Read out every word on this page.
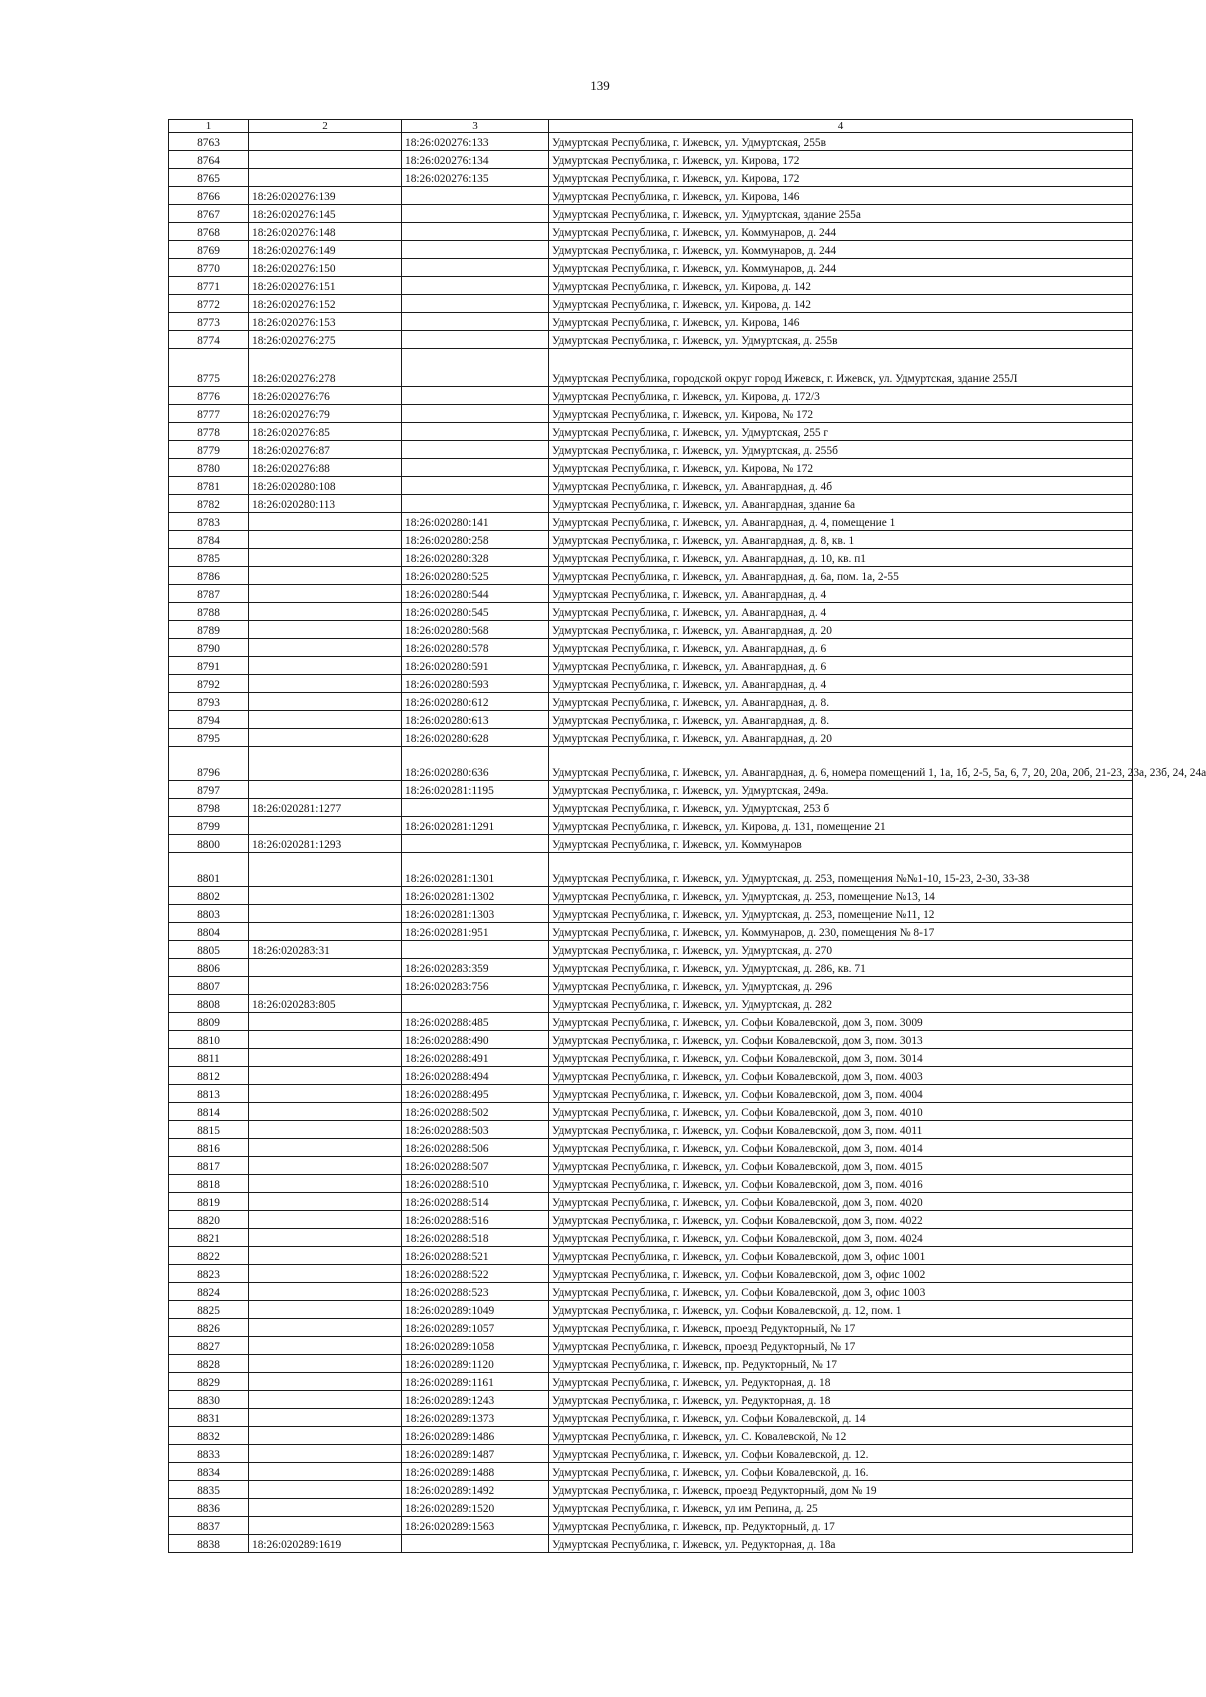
139
1	2	3	4
8763		18:26:020276:133	Удмуртская Республика, г. Ижевск, ул. Удмуртская, 255в
8764		18:26:020276:134	Удмуртская Республика, г. Ижевск, ул. Кирова, 172
8765		18:26:020276:135	Удмуртская Республика, г. Ижевск, ул. Кирова, 172
8766	18:26:020276:139		Удмуртская Республика, г. Ижевск, ул. Кирова, 146
8767	18:26:020276:145		Удмуртская Республика, г. Ижевск, ул. Удмуртская, здание 255а
8768	18:26:020276:148		Удмуртская Республика, г. Ижевск, ул. Коммунаров, д. 244
8769	18:26:020276:149		Удмуртская Республика, г. Ижевск, ул. Коммунаров, д. 244
8770	18:26:020276:150		Удмуртская Республика, г. Ижевск, ул. Коммунаров, д. 244
8771	18:26:020276:151		Удмуртская Республика, г. Ижевск, ул. Кирова, д. 142
8772	18:26:020276:152		Удмуртская Республика, г. Ижевск, ул. Кирова, д. 142
8773	18:26:020276:153		Удмуртская Республика, г. Ижевск, ул. Кирова, 146
8774	18:26:020276:275		Удмуртская Республика, г. Ижевск, ул. Удмуртская, д. 255в
8775	18:26:020276:278		Удмуртская Республика, городской округ город Ижевск, г. Ижевск, ул. Удмуртская, здание 255Л
8776	18:26:020276:76		Удмуртская Республика, г. Ижевск, ул. Кирова, д. 172/3
8777	18:26:020276:79		Удмуртская Республика, г. Ижевск, ул. Кирова, № 172
8778	18:26:020276:85		Удмуртская Республика, г. Ижевск, ул. Удмуртская, 255 г
8779	18:26:020276:87		Удмуртская Республика, г. Ижевск, ул. Удмуртская, д. 255б
8780	18:26:020276:88		Удмуртская Республика, г. Ижевск, ул. Кирова, № 172
8781	18:26:020280:108		Удмуртская Республика, г. Ижевск, ул. Авангардная, д. 4б
8782	18:26:020280:113		Удмуртская Республика, г. Ижевск, ул. Авангардная, здание 6а
8783		18:26:020280:141	Удмуртская Республика, г. Ижевск, ул. Авангардная, д. 4, помещение 1
8784		18:26:020280:258	Удмуртская Республика, г. Ижевск, ул. Авангардная, д. 8, кв. 1
8785		18:26:020280:328	Удмуртская Республика, г. Ижевск, ул. Авангардная, д. 10, кв. п1
8786		18:26:020280:525	Удмуртская Республика, г. Ижевск, ул. Авангардная, д. 6а, пом. 1а, 2-55
8787		18:26:020280:544	Удмуртская Республика, г. Ижевск, ул. Авангардная, д. 4
8788		18:26:020280:545	Удмуртская Республика, г. Ижевск, ул. Авангардная, д. 4
8789		18:26:020280:568	Удмуртская Республика, г. Ижевск, ул. Авангардная, д. 20
8790		18:26:020280:578	Удмуртская Республика, г. Ижевск, ул. Авангардная, д. 6
8791		18:26:020280:591	Удмуртская Республика, г. Ижевск, ул. Авангардная, д. 6
8792		18:26:020280:593	Удмуртская Республика, г. Ижевск, ул. Авангардная, д. 4
8793		18:26:020280:612	Удмуртская Республика, г. Ижевск, ул. Авангардная, д. 8.
8794		18:26:020280:613	Удмуртская Республика, г. Ижевск, ул. Авангардная, д. 8.
8795		18:26:020280:628	Удмуртская Республика, г. Ижевск, ул. Авангардная, д. 20
8796		18:26:020280:636	Удмуртская Республика, г. Ижевск, ул. Авангардная, д. 6, номера помещений 1, 1а, 1б, 2-5, 5а, 6, 7, 20, 20а, 20б, 21-23, 23а, 23б, 24, 24а
8797		18:26:020281:1195	Удмуртская Республика, г. Ижевск, ул. Удмуртская, 249а.
8798	18:26:020281:1277		Удмуртская Республика, г. Ижевск, ул. Удмуртская, 253 б
8799		18:26:020281:1291	Удмуртская Республика, г. Ижевск, ул. Кирова, д. 131, помещение 21
8800	18:26:020281:1293		Удмуртская Республика, г. Ижевск, ул. Коммунаров
8801		18:26:020281:1301	Удмуртская Республика, г. Ижевск, ул. Удмуртская, д. 253, помещения №№1-10, 15-23, 2-30, 33-38
8802		18:26:020281:1302	Удмуртская Республика, г. Ижевск, ул. Удмуртская, д. 253, помещение №13, 14
8803		18:26:020281:1303	Удмуртская Республика, г. Ижевск, ул. Удмуртская, д. 253, помещение №11, 12
8804		18:26:020281:951	Удмуртская Республика, г. Ижевск, ул. Коммунаров, д. 230, помещения № 8-17
8805	18:26:020283:31		Удмуртская Республика, г. Ижевск, ул. Удмуртская, д. 270
8806		18:26:020283:359	Удмуртская Республика, г. Ижевск, ул. Удмуртская, д. 286, кв. 71
8807		18:26:020283:756	Удмуртская Республика, г. Ижевск, ул. Удмуртская, д. 296
8808	18:26:020283:805		Удмуртская Республика, г. Ижевск, ул. Удмуртская, д. 282
8809		18:26:020288:485	Удмуртская Республика, г. Ижевск, ул. Софьи Ковалевской, дом 3, пом. 3009
8810		18:26:020288:490	Удмуртская Республика, г. Ижевск, ул. Софьи Ковалевской, дом 3, пом. 3013
8811		18:26:020288:491	Удмуртская Республика, г. Ижевск, ул. Софьи Ковалевской, дом 3, пом. 3014
8812		18:26:020288:494	Удмуртская Республика, г. Ижевск, ул. Софьи Ковалевской, дом 3, пом. 4003
8813		18:26:020288:495	Удмуртская Республика, г. Ижевск, ул. Софьи Ковалевской, дом 3, пом. 4004
8814		18:26:020288:502	Удмуртская Республика, г. Ижевск, ул. Софьи Ковалевской, дом 3, пом. 4010
8815		18:26:020288:503	Удмуртская Республика, г. Ижевск, ул. Софьи Ковалевской, дом 3, пом. 4011
8816		18:26:020288:506	Удмуртская Республика, г. Ижевск, ул. Софьи Ковалевской, дом 3, пом. 4014
8817		18:26:020288:507	Удмуртская Республика, г. Ижевск, ул. Софьи Ковалевской, дом 3, пом. 4015
8818		18:26:020288:510	Удмуртская Республика, г. Ижевск, ул. Софьи Ковалевской, дом 3, пом. 4016
8819		18:26:020288:514	Удмуртская Республика, г. Ижевск, ул. Софьи Ковалевской, дом 3, пом. 4020
8820		18:26:020288:516	Удмуртская Республика, г. Ижевск, ул. Софьи Ковалевской, дом 3, пом. 4022
8821		18:26:020288:518	Удмуртская Республика, г. Ижевск, ул. Софьи Ковалевской, дом 3, пом. 4024
8822		18:26:020288:521	Удмуртская Республика, г. Ижевск, ул. Софьи Ковалевской, дом 3, офис 1001
8823		18:26:020288:522	Удмуртская Республика, г. Ижевск, ул. Софьи Ковалевской, дом 3, офис 1002
8824		18:26:020288:523	Удмуртская Республика, г. Ижевск, ул. Софьи Ковалевской, дом 3, офис 1003
8825		18:26:020289:1049	Удмуртская Республика, г. Ижевск, ул. Софьи Ковалевской, д. 12, пом. 1
8826		18:26:020289:1057	Удмуртская Республика, г. Ижевск, проезд Редукторный, № 17
8827		18:26:020289:1058	Удмуртская Республика, г. Ижевск, проезд Редукторный, № 17
8828		18:26:020289:1120	Удмуртская Республика, г. Ижевск, пр. Редукторный, № 17
8829		18:26:020289:1161	Удмуртская Республика, г. Ижевск, ул. Редукторная, д. 18
8830		18:26:020289:1243	Удмуртская Республика, г. Ижевск, ул. Редукторная, д. 18
8831		18:26:020289:1373	Удмуртская Республика, г. Ижевск, ул. Софьи Ковалевской, д. 14
8832		18:26:020289:1486	Удмуртская Республика, г. Ижевск, ул. С. Ковалевской, № 12
8833		18:26:020289:1487	Удмуртская Республика, г. Ижевск, ул. Софьи Ковалевской, д. 12.
8834		18:26:020289:1488	Удмуртская Республика, г. Ижевск, ул. Софьи Ковалевской, д. 16.
8835		18:26:020289:1492	Удмуртская Республика, г. Ижевск, проезд Редукторный, дом № 19
8836		18:26:020289:1520	Удмуртская Республика, г. Ижевск, ул им Репина, д. 25
8837		18:26:020289:1563	Удмуртская Республика, г. Ижевск, пр. Редукторный, д. 17
8838	18:26:020289:1619		Удмуртская Республика, г. Ижевск, ул. Редукторная, д. 18а
